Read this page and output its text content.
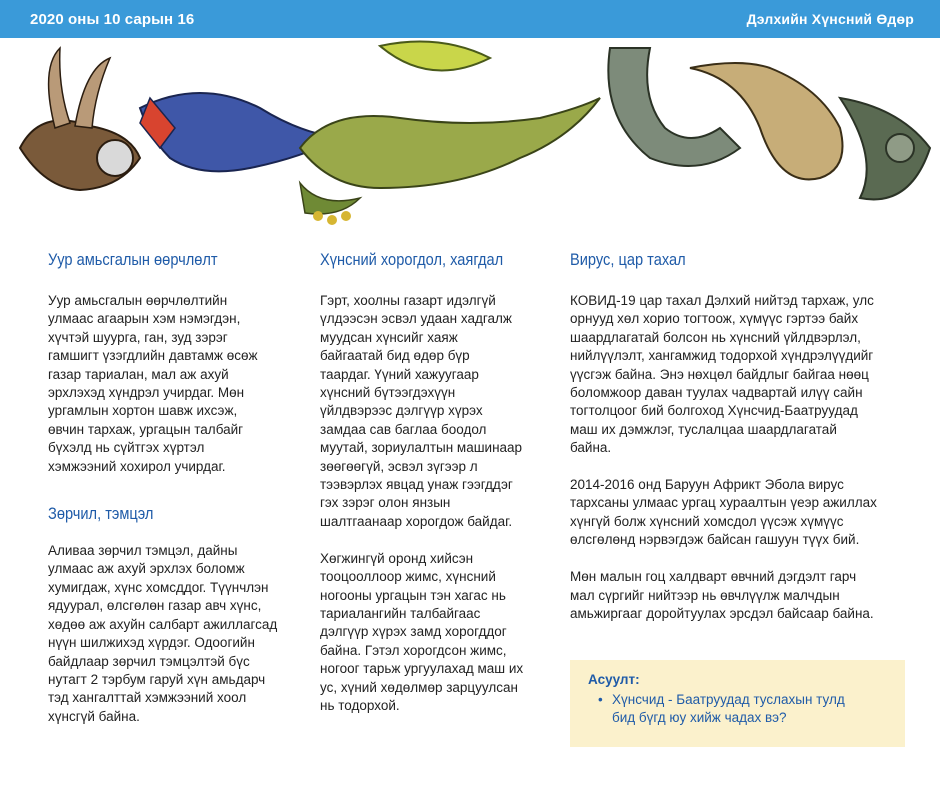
2020 оны 10 сарын 16	Дэлхийн Хүнсний Өдөр
Уур амьсгалын өөрчлөлт

Уур амьсгалын өөрчлөлтийн
улмаас агаарын хэм нэмэгдэн,
хүчтэй шуурга, ган, зуд зэрэг
гамшигт үзэгдлийн давтамж өсөж
газар тариалан, мал аж ахуй
эрхлэхэд хүндрэл учирдаг. Мөн
ургамлын хортон шавж ихсэж,
өвчин тархаж, ургацын талбайг
бүхэлд нь сүйтгэх хүртэл
хэмжээний хохирол учирдаг.

Зөрчил, тэмцэл

Аливаа зөрчил тэмцэл, дайны
улмаас аж ахуй эрхлэх боломж
хумигдаж, хүнс хомсддог. Түүнчлэн
ядуурал, өлсгөлөн газар авч хүнс,
хөдөө аж ахуйн салбарт ажиллагсад
нүүн шилжихэд хүрдэг. Одоогийн
байдлаар зөрчил тэмцэлтэй бүс
нутагт 2 тэрбум гаруй хүн амьдарч
тэд хангалттай хэмжээний хоол
хүнсгүй байна.

Хүнсний хорогдол, хаягдал

Гэрт, хоолны газарт идэлгүй
үлдээсэн эсвэл удаан хадгалж
муудсан хүнсийг хаяж
байгаатай бид өдөр бүр
таардаг. Үүний хажуугаар
хүнсний бүтээгдэхүүн
үйлдвэрээс дэлгүүр хүрэх
замдаа сав баглаа боодол
муутай, зориулалтын машинаар
зөөгөөгүй, эсвэл зүгээр л
тээвэрлэх явцад унаж гээгддэг
гэх зэрэг олон янзын
шалтгаанаар хорогдож байдаг.

Хөгжингүй оронд хийсэн
тооцооллоор жимс, хүнсний
ногооны ургацын тэн хагас нь
тариалангийн талбайгаас
дэлгүүр хүрэх замд хорогддог
байна. Гэтэл хорогдсон жимс,
ногоог тарьж ургуулахад маш их
ус, хүний хөдөлмөр зарцуулсан
нь тодорхой.

Вирус, цар тахал

КОВИД-19 цар тахал Дэлхий нийтэд тархаж, улс
орнууд хөл хорио тогтоож, хүмүүс гэртээ байх
шаардлагатай болсон нь хүнсний үйлдвэрлэл,
нийлүүлэлт, хангамжид тодорхой хүндрэлүүдийг
үүсгэж байна. Энэ нөхцөл байдлыг байгаа нөөц
боломжоор даван туулах чадвартай илүү сайн
тогтолцоог бий болгоход Хүнсчид-Баатруудад
маш их дэмжлэг, туслалцаа шаардлагатай
байна.

2014-2016 онд Баруун Африкт Эбола вирус
тархсаны улмаас ургац хураалтын үеэр ажиллах
хүнгүй болж хүнсний хомсдол үүсэж хүмүүс
өлсгөлөнд нэрвэгдэж байсан гашуун түүх бий.

Мөн малын гоц халдварт өвчний дэгдэлт гарч
мал сүргийг нийтээр нь өвчлүүлж малчдын
амьжиргааг доройтуулах эрсдэл байсаар байна.

Асуулт:
• Хүнсчид - Баатруудад туслахын тулд
бид бүгд юу хийж чадах вэ?
